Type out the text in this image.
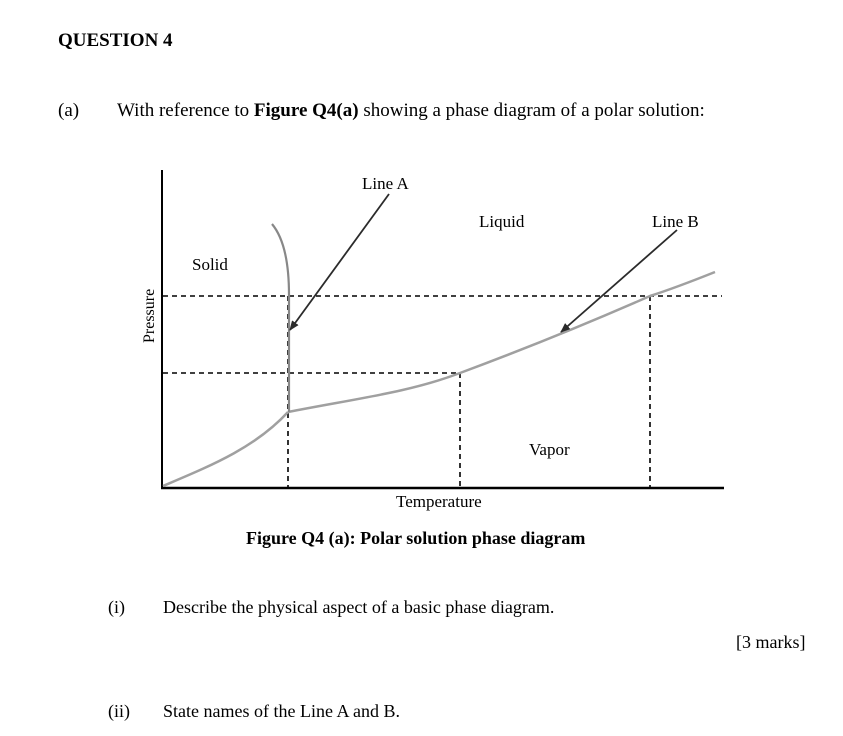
QUESTION 4
(a) With reference to Figure Q4(a) showing a phase diagram of a polar solution:
Line A
Line B
Liquid
Solid
Vapor
Temperature
Pressure
Figure Q4 (a): Polar solution phase diagram
(i) Describe the physical aspect of a basic phase diagram.
[3 marks]
(ii) State names of the Line A and B.
